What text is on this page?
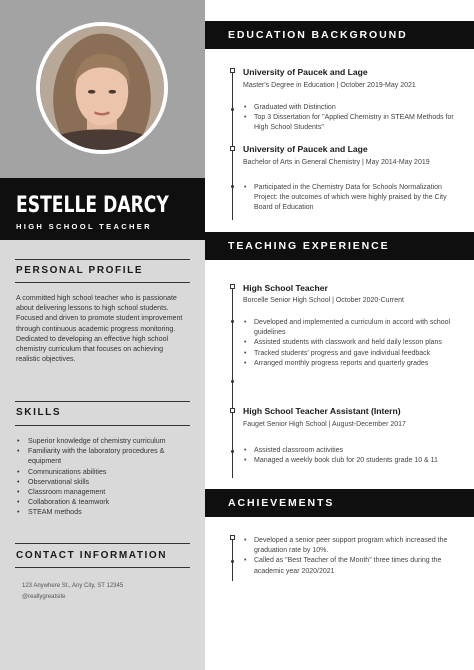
ESTELLE DARCY
HIGH SCHOOL TEACHER
PERSONAL PROFILE
A committed high school teacher who is passionate about delivering lessons to high school students. Focused and driven to promote student improvement through continuous academic progress monitoring. Dedicated to developing an effective high school chemistry curriculum that focuses on achieving realistic objectives.
SKILLS
• Superior knowledge of chemistry curriculum
• Familiarity with the laboratory procedures & equipment
• Communications abilities
• Observational skills
• Classroom management
• Collaboration & teamwork
• STEAM methods
CONTACT INFORMATION
123 Anywhere St., Any City, ST 12345
@reallygreatsite
EDUCATION BACKGROUND
University of Paucek and Lage
Master's Degree in Education | October 2019-May 2021
• Graduated with Distinction
• Top 3 Dissertation for "Applied Chemistry in STEAM Methods for High School Students"
University of Paucek and Lage
Bachelor of Arts in General Chemistry | May 2014-May 2019
• Participated in the Chemistry Data for Schools Normalization Project: the outcomes of which were highly praised by the City Board of Education
TEACHING EXPERIENCE
High School Teacher
Borcelle Senior High School | October 2020-Current
• Developed and implemented a curriculum in accord with school guidelines
• Assisted students with classwork and held daily lesson plans
• Tracked students' progress and gave individual feedback
• Arranged monthly progress reports and quarterly grades
High School Teacher Assistant (Intern)
Fauget Senior High School | August-December 2017
• Assisted classroom activities
• Managed a weekly book club for 20 students grade 10 & 11
ACHIEVEMENTS
• Developed a senior peer support program which increased the graduation rate by 10%.
• Called as "Best Teacher of the Month" three times during the academic year 2020/2021
